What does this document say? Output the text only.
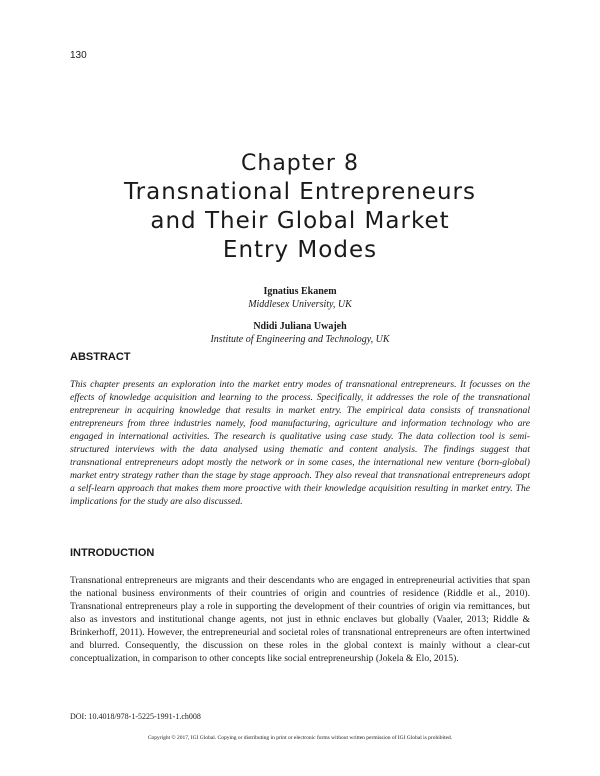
130
Chapter 8
Transnational Entrepreneurs
and Their Global Market
Entry Modes
Ignatius Ekanem
Middlesex University, UK
Ndidi Juliana Uwajeh
Institute of Engineering and Technology, UK
ABSTRACT
This chapter presents an exploration into the market entry modes of transnational entrepreneurs. It focusses on the effects of knowledge acquisition and learning to the process. Specifically, it addresses the role of the transnational entrepreneur in acquiring knowledge that results in market entry. The empirical data consists of transnational entrepreneurs from three industries namely, food manufacturing, agriculture and information technology who are engaged in international activities. The research is qualitative using case study. The data collection tool is semi-structured interviews with the data analysed using thematic and content analysis. The findings suggest that transnational entrepreneurs adopt mostly the network or in some cases, the international new venture (born-global) market entry strategy rather than the stage by stage approach. They also reveal that transnational entrepreneurs adopt a self-learn approach that makes them more proactive with their knowledge acquisition resulting in market entry. The implications for the study are also discussed.
INTRODUCTION
Transnational entrepreneurs are migrants and their descendants who are engaged in entrepreneurial activities that span the national business environments of their countries of origin and countries of residence (Riddle et al., 2010). Transnational entrepreneurs play a role in supporting the development of their countries of origin via remittances, but also as investors and institutional change agents, not just in ethnic enclaves but globally (Vaaler, 2013; Riddle & Brinkerhoff, 2011). However, the entrepreneurial and societal roles of transnational entrepreneurs are often intertwined and blurred. Consequently, the discussion on these roles in the global context is mainly without a clear-cut conceptualization, in comparison to other concepts like social entrepreneurship (Jokela & Elo, 2015).
DOI: 10.4018/978-1-5225-1991-1.ch008
Copyright © 2017, IGI Global. Copying or distributing in print or electronic forms without written permission of IGI Global is prohibited.
